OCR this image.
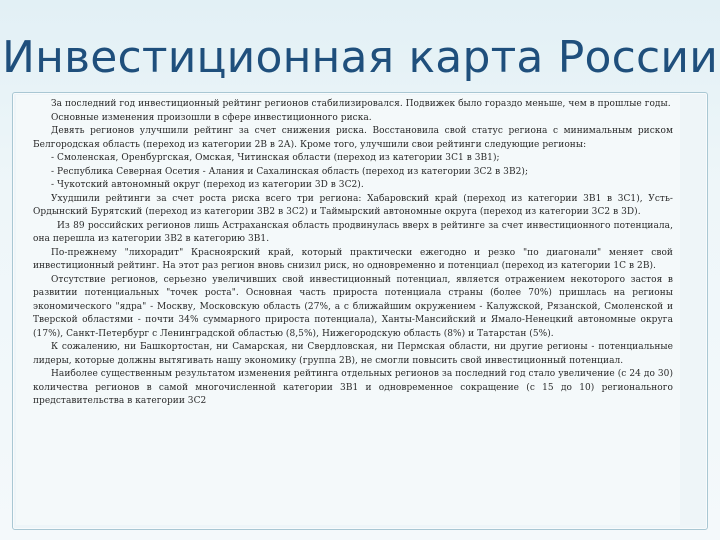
Инвестиционная карта России

За последний год инвестиционный рейтинг регионов стабилизировался. Подвижек было гораздо меньше, чем в прошлые годы.

Основные изменения произошли в сфере инвестиционного риска.

Девять регионов улучшили рейтинг за счет снижения риска. Восстановила свой статус региона с минимальным риском Белгородская область (переход из категории 2В в 2А). Кроме того, улучшили свои рейтинги следующие регионы:

- Смоленская, Оренбургская, Омская, Читинская области (переход из категории 3С1 в 3В1);

- Республика Северная Осетия - Алания и Сахалинская область (переход из категории 3С2 в 3В2);

- Чукотский автономный округ (переход из категории 3D в 3С2).

Ухудшили рейтинги за счет роста риска всего три региона: Хабаровский край (переход из категории 3В1 в 3С1), Усть-Ордынский Бурятский (переход из категории 3В2 в 3С2) и Таймырский автономные округа (переход из категории 3С2 в 3D).

Из 89 российских регионов лишь Астраханская область продвинулась вверх в рейтинге за счет инвестиционного потенциала, она перешла из категории 3В2 в категорию 3В1.

По-прежнему "лихорадит" Красноярский край, который практически ежегодно и резко "по диагонали" меняет свой инвестиционный рейтинг. На этот раз регион вновь снизил риск, но одновременно и потенциал (переход из категории 1С в 2В).

Отсутствие регионов, серьезно увеличивших свой инвестиционный потенциал, является отражением некоторого застоя в развитии потенциальных "точек роста". Основная часть прироста потенциала страны (более 70%) пришлась на регионы экономического "ядра" - Москву, Московскую область (27%, а с ближайшим окружением - Калужской, Рязанской, Смоленской и Тверской областями - почти 34% суммарного прироста потенциала), Ханты-Мансийский и Ямало-Ненецкий автономные округа (17%), Санкт-Петербург с Ленинградской областью (8,5%), Нижегородскую область (8%) и Татарстан (5%).

К сожалению, ни Башкортостан, ни Самарская, ни Свердловская, ни Пермская области, ни другие регионы - потенциальные лидеры, которые должны вытягивать нашу экономику (группа 2В), не смогли повысить свой инвестиционный потенциал.

Наиболее существенным результатом изменения рейтинга отдельных регионов за последний год стало увеличение (с 24 до 30) количества регионов в самой многочисленной категории 3В1 и одновременное сокращение (с 15 до 10) регионального представительства в категории 3С2
